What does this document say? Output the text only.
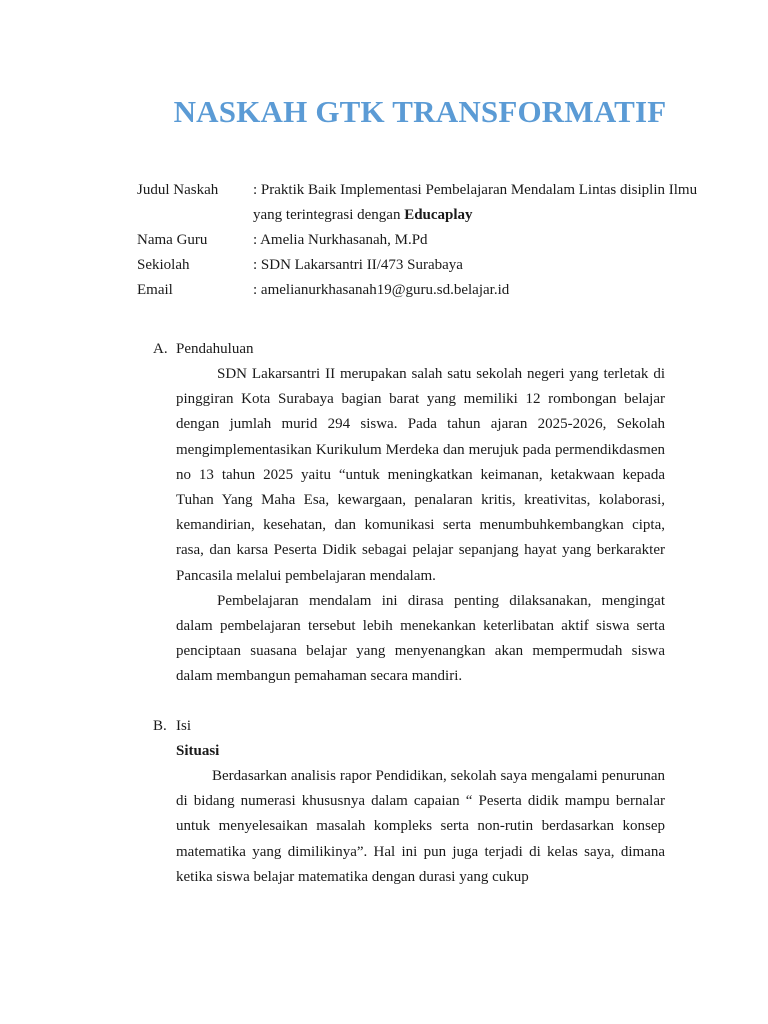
NASKAH GTK TRANSFORMATIF
Judul Naskah	: Praktik Baik Implementasi Pembelajaran Mendalam Lintas disiplin Ilmu yang terintegrasi dengan Educaplay
Nama Guru	: Amelia Nurkhasanah, M.Pd
Sekiolah	: SDN Lakarsantri II/473 Surabaya
Email	: amelianurkhasanah19@guru.sd.belajar.id
A. Pendahuluan

SDN Lakarsantri II merupakan salah satu sekolah negeri yang terletak di pinggiran Kota Surabaya bagian barat yang memiliki 12 rombongan belajar dengan jumlah murid 294 siswa. Pada tahun ajaran 2025-2026, Sekolah mengimplementasikan Kurikulum Merdeka dan merujuk pada permendikdasmen no 13 tahun 2025 yaitu “untuk meningkatkan keimanan, ketakwaan kepada Tuhan Yang Maha Esa, kewargaan, penalaran kritis, kreativitas, kolaborasi, kemandirian, kesehatan, dan komunikasi serta menumbuhkembangkan cipta, rasa, dan karsa Peserta Didik sebagai pelajar sepanjang hayat yang berkarakter Pancasila melalui pembelajaran mendalam.

Pembelajaran mendalam ini dirasa penting dilaksanakan, mengingat dalam pembelajaran tersebut lebih menekankan keterlibatan aktif siswa serta penciptaan suasana belajar yang menyenangkan akan mempermudah siswa dalam membangun pemahaman secara mandiri.

B. Isi
Situasi

Berdasarkan analisis rapor Pendidikan, sekolah saya mengalami penurunan di bidang numerasi khususnya dalam capaian “ Peserta didik mampu bernalar untuk menyelesaikan masalah kompleks serta non-rutin berdasarkan konsep matematika yang dimilikinya”. Hal ini pun juga terjadi di kelas saya, dimana ketika siswa belajar matematika dengan durasi yang cukup
